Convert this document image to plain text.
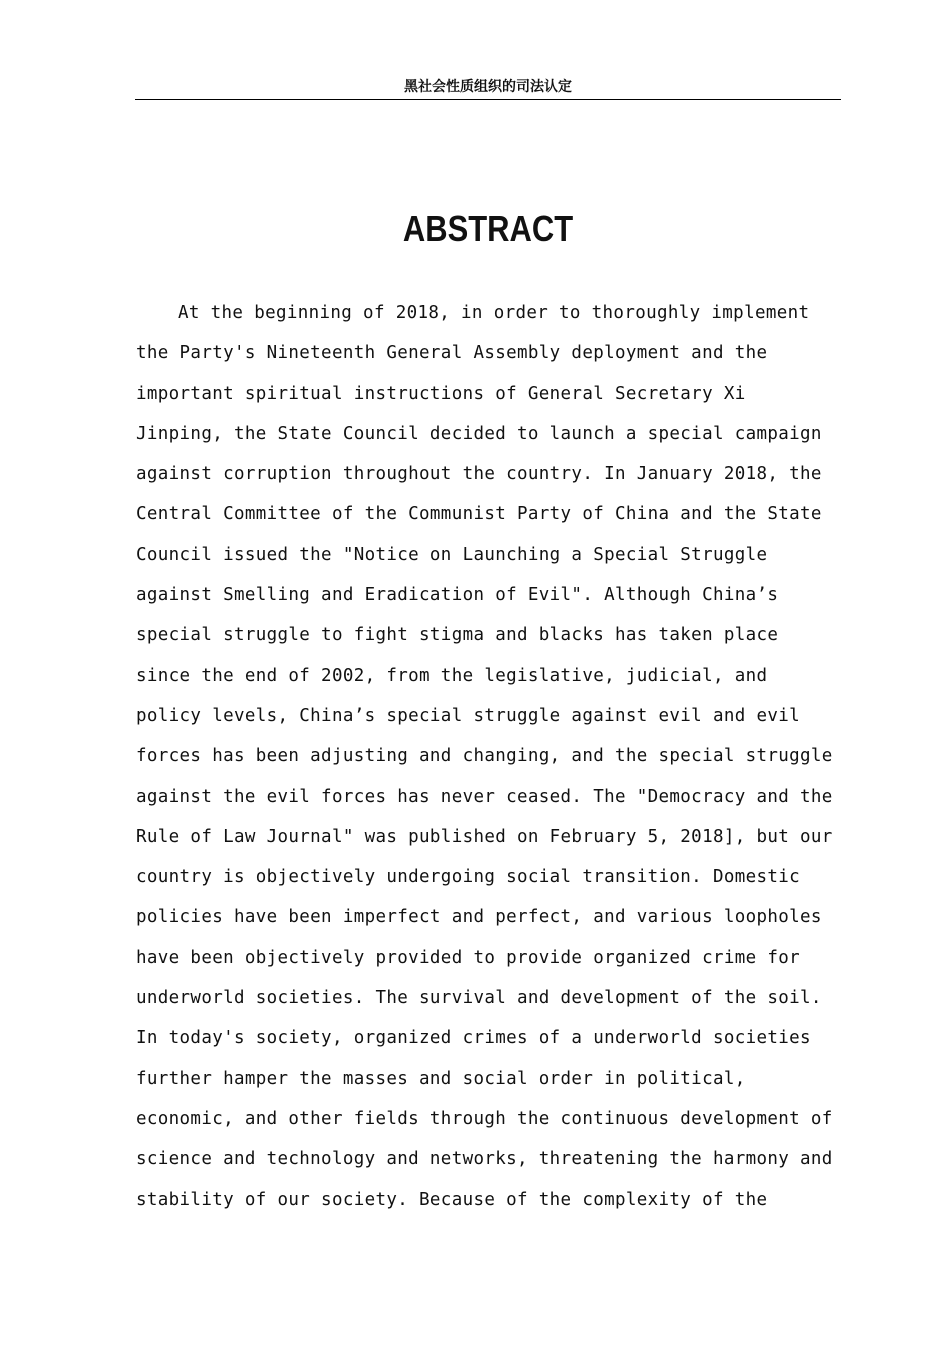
黑社会性质组织的司法认定
ABSTRACT
At the beginning of 2018, in order to thoroughly implement
the Party's Nineteenth General Assembly deployment and the
important spiritual instructions of General Secretary Xi
Jinping, the State Council decided to launch a special campaign
against corruption throughout the country. In January 2018, the
Central Committee of the Communist Party of China and the State
Council issued the "Notice on Launching a Special Struggle
against Smelling and Eradication of Evil". Although China’s
special struggle to fight stigma and blacks has taken place
since the end of 2002, from the legislative, judicial, and
policy levels, China’s special struggle against evil and evil
forces has been adjusting and changing, and the special struggle
against the evil forces has never ceased. The "Democracy and the
Rule of Law Journal" was published on February 5, 2018], but our
country is objectively undergoing social transition. Domestic
policies have been imperfect and perfect, and various loopholes
have been objectively provided to provide organized crime for
underworld societies. The survival and development of the soil.
In today's society, organized crimes of a underworld societies
further hamper the masses and social order in political,
economic, and other fields through the continuous development of
science and technology and networks, threatening the harmony and
stability of our society. Because of the complexity of the
